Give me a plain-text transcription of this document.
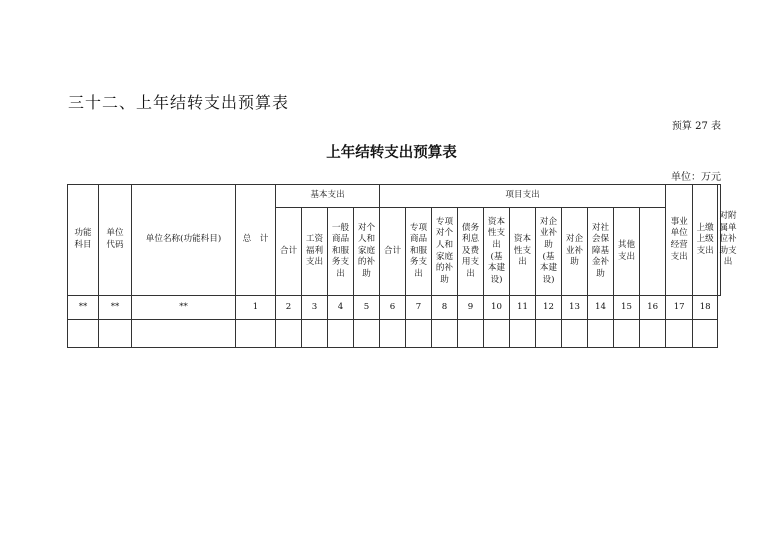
三十二、上年结转支出预算表
预算 27 表
上年结转支出预算表
单位：万元
功能科目	单位代码	单位名称(功能科目)	总　计	基本支出				项目支出											事业单位经营支出	上缴上级支出	对附属单位补助支出
				合计	工资福利支出	一般商品和服务支出	对个人和家庭的补助	合计	专项商品和服务支出	专项对个人和家庭的补助	债务利息及费用支出	资本性支出(基本建设)	资本性支出	对企业补助(基本建设)	对企业补助	对社会保障基金补助	其他支出				
**	**	**	1	2	3	4	5	6	7	8	9	10	11	12	13	14	15	16	17	18	
